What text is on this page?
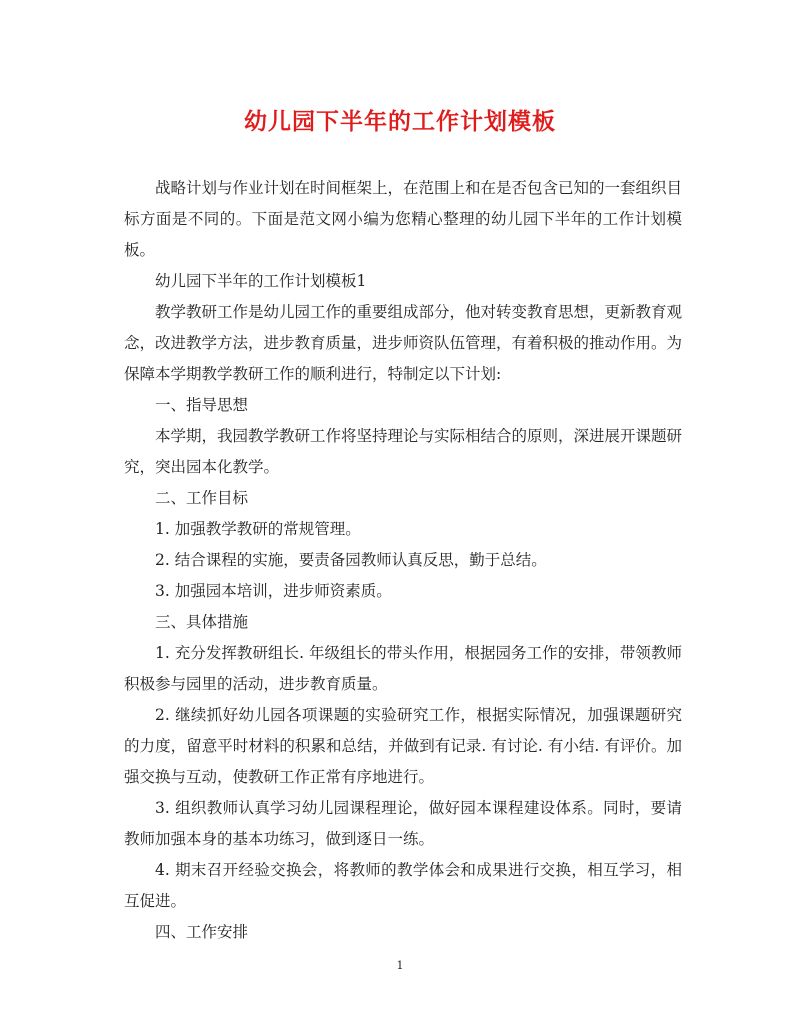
幼儿园下半年的工作计划模板

战略计划与作业计划在时间框架上，在范围上和在是否包含已知的一套组织目标方面是不同的。下面是范文网小编为您精心整理的幼儿园下半年的工作计划模板。

幼儿园下半年的工作计划模板1

教学教研工作是幼儿园工作的重要组成部分，他对转变教育思想，更新教育观念，改进教学方法，进步教育质量，进步师资队伍管理，有着积极的推动作用。为保障本学期教学教研工作的顺利进行，特制定以下计划:

一、指导思想

本学期，我园教学教研工作将坚持理论与实际相结合的原则，深进展开课题研究，突出园本化教学。

二、工作目标

1. 加强教学教研的常规管理。

2. 结合课程的实施，要责备园教师认真反思，勤于总结。

3. 加强园本培训，进步师资素质。

三、具体措施

1. 充分发挥教研组长. 年级组长的带头作用，根据园务工作的安排，带领教师积极参与园里的活动，进步教育质量。

2. 继续抓好幼儿园各项课题的实验研究工作，根据实际情况，加强课题研究的力度，留意平时材料的积累和总结，并做到有记录. 有讨论. 有小结. 有评价。加强交换与互动，使教研工作正常有序地进行。

3. 组织教师认真学习幼儿园课程理论，做好园本课程建设体系。同时，要请教师加强本身的基本功练习，做到逐日一练。

4. 期末召开经验交换会，将教师的教学体会和成果进行交换，相互学习，相互促进。

四、工作安排

1
